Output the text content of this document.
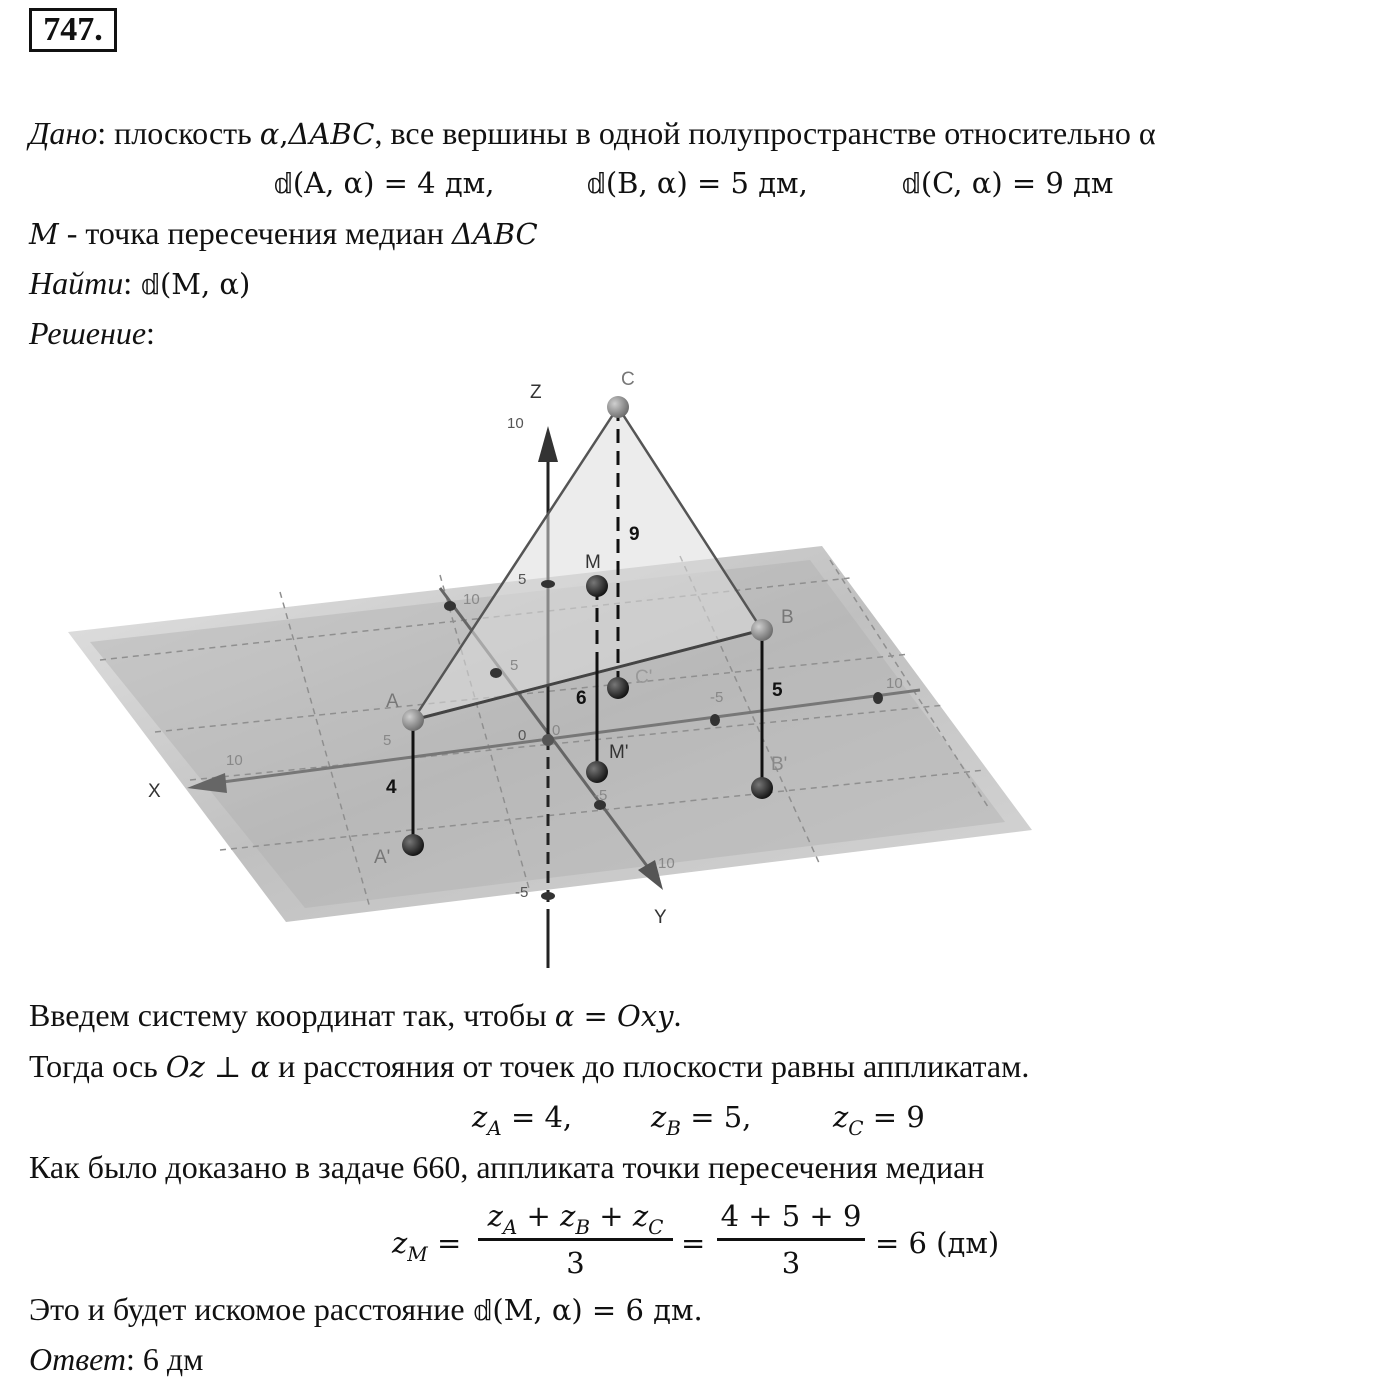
747.
Дано: плоскость α,ΔABC, все вершины в одной полупространстве относительно α
𝕕(A, α) = 4 дм,	𝕕(B, α) = 5 дм,	𝕕(C, α) = 9 дм
M - точка пересечения медиан ΔABC
Найти: 𝕕(M, α)
Решение:
Z
X
Y
C
B
A
M
C'
M'
B'
A'
9
5
6
4
10
5
-5
0 0
10
5
-5
10
10
5
-5
10
Введем систему координат так, чтобы α = Oxy.
Тогда ось Oz ⊥ α и расстояния от точек до плоскости равны аппликатам.
$z_A = 4$,	$z_B = 5$,	$z_C = 9$
Как было доказано в задаче 660, аппликата точки пересечения медиан
$z_M$ =
$z_A + z_B + z_C$
3
=
4 + 5 + 9
3
= 6 (дм)
Это и будет искомое расстояние 𝕕(M, α) = 6 дм.
Ответ: 6 дм
